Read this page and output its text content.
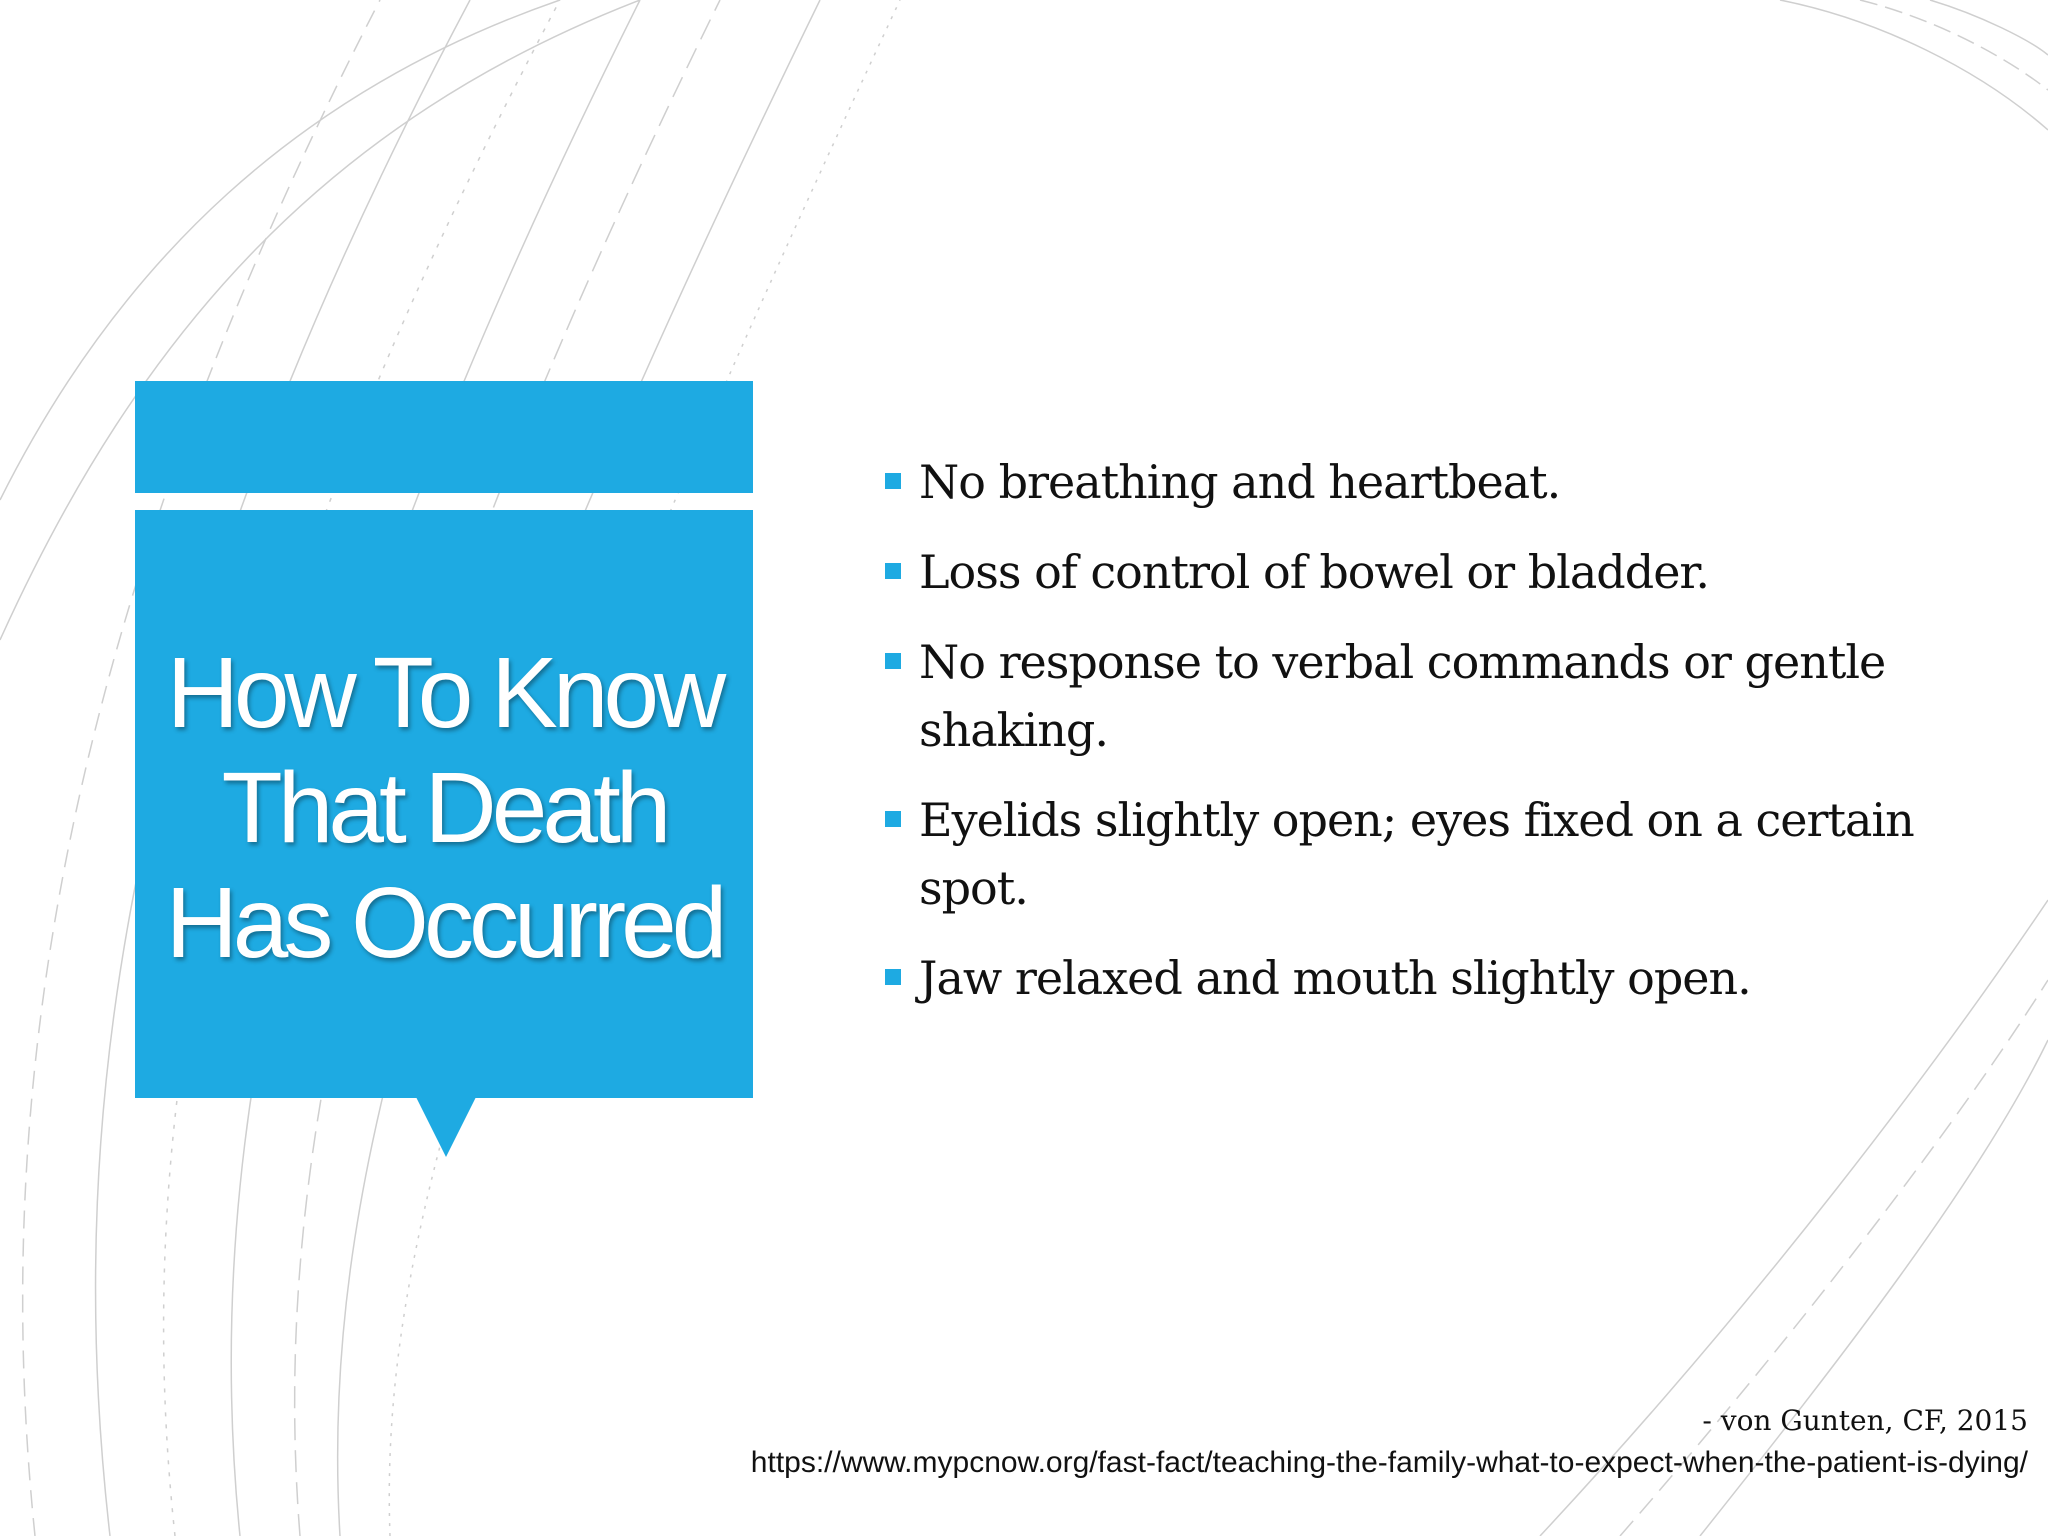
How To Know That Death Has Occurred
No breathing and heartbeat.
Loss of control of bowel or bladder.
No response to verbal commands or gentle shaking.
Eyelids slightly open; eyes fixed on a certain spot.
Jaw relaxed and mouth slightly open.
- von Gunten, CF, 2015
https://www.mypcnow.org/fast-fact/teaching-the-family-what-to-expect-when-the-patient-is-dying/
